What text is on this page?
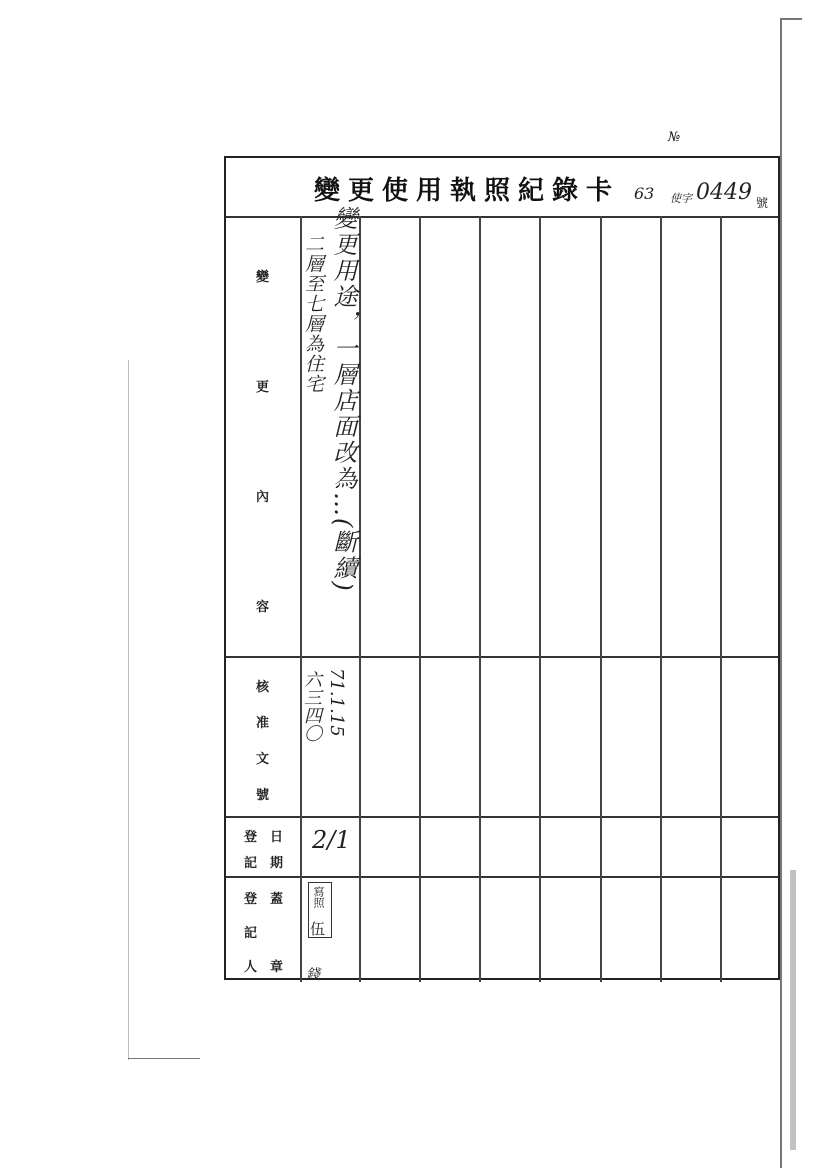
№
變更使用執照紀錄卡 63 使字 0449 號
變
更
內
容
核
准
文
號
登 日
記 期
登 蓋
記
人 章
變更用途，一層店面改為…(斷續)
二層至七層為住宅
71.1.15
六三四〇
2/1
寫照
伍
錢
